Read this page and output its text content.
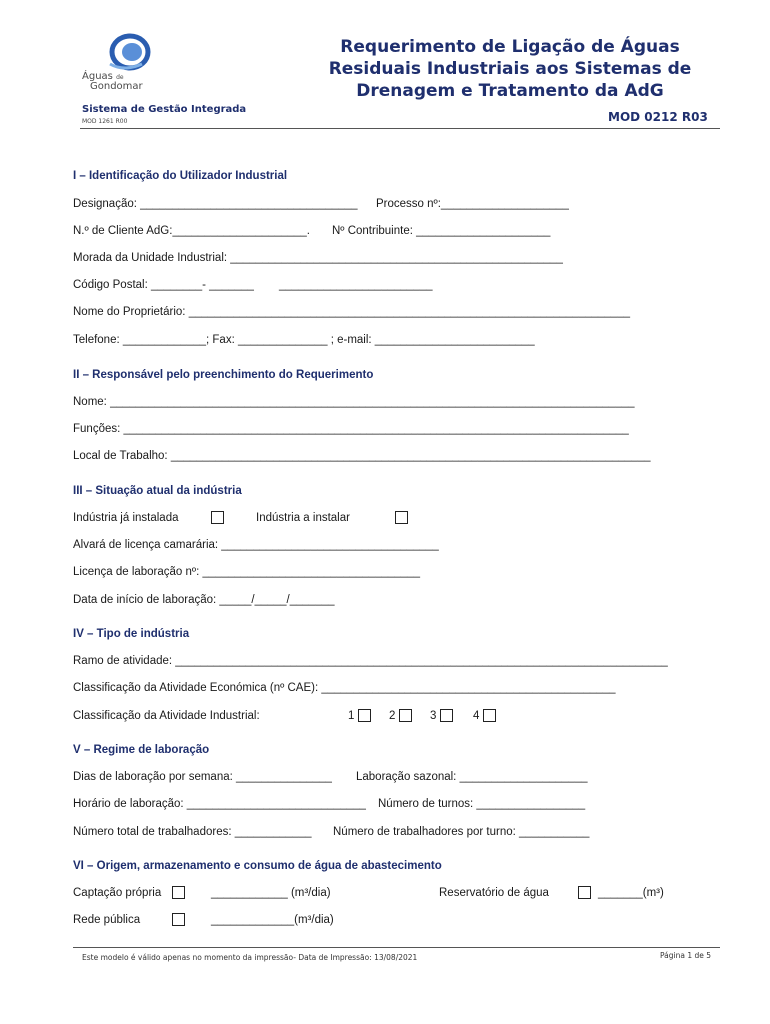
Águas de
Gondomar
Requerimento de Ligação de Águas
Residuais Industriais aos Sistemas de
Drenagem e Tratamento da AdG
Sistema de Gestão Integrada
MOD 1261 R00	MOD 0212 R03
I – Identificação do Utilizador Industrial
Designação: __________________________________ Processo nº:____________________
N.º de Cliente AdG:_____________________. Nº Contribuinte: _____________________
Morada da Unidade Industrial: ____________________________________________________
Código Postal: ________- _______ ________________________
Nome do Proprietário: _____________________________________________________________________
Telefone: _____________; Fax: ______________ ; e-mail: _________________________
II – Responsável pelo preenchimento do Requerimento
Nome: __________________________________________________________________________________
Funções: _______________________________________________________________________________
Local de Trabalho: ___________________________________________________________________________
III – Situação atual da indústria
Indústria já instalada	Indústria a instalar
Alvará de licença camarária: __________________________________
Licença de laboração nº: __________________________________
Data de início de laboração: _____/_____/_______
IV – Tipo de indústria
Ramo de atividade: _____________________________________________________________________________
Classificação da Atividade Económica (nº CAE): ______________________________________________
Classificação da Atividade Industrial:	1	2	3	4
V – Regime de laboração
Dias de laboração por semana: _______________ Laboração sazonal: ____________________
Horário de laboração: ____________________________ Número de turnos: _________________
Número total de trabalhadores: ____________ Número de trabalhadores por turno: ___________
VI – Origem, armazenamento e consumo de água de abastecimento
Captação própria	____________ (m³/dia)	Reservatório de água	_______(m³)
Rede pública	_____________(m³/dia)
Este modelo é válido apenas no momento da impressão- Data de Impressão: 13/08/2021	Página 1 de 5
